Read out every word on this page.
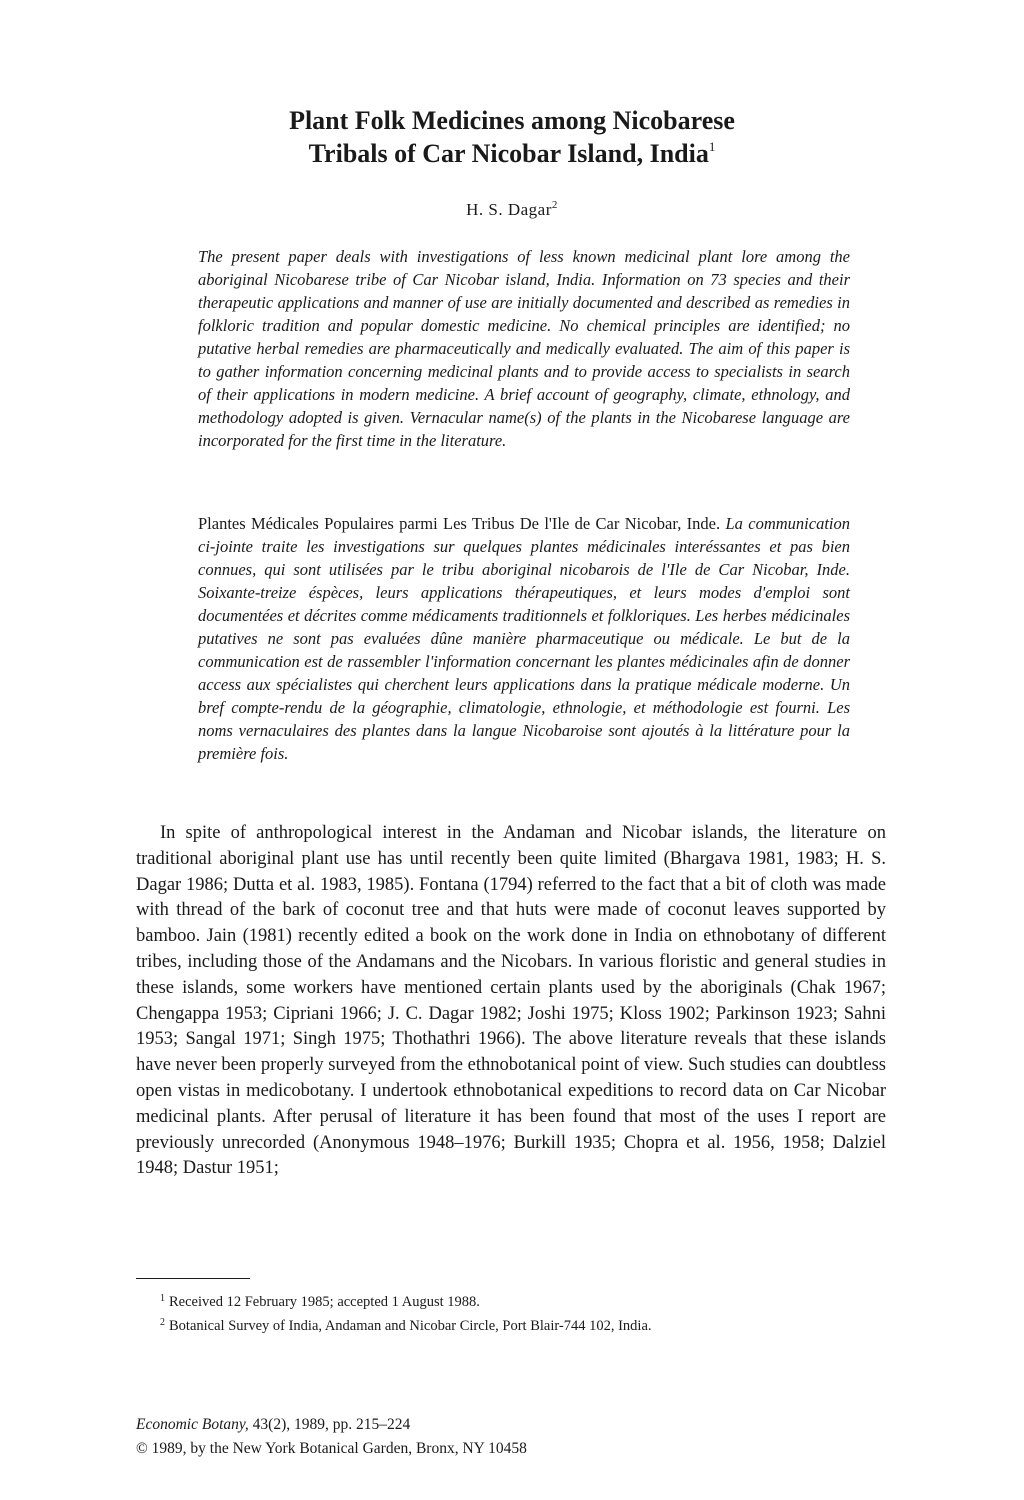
Plant Folk Medicines among Nicobarese
Tribals of Car Nicobar Island, India$^1$

H. S. Dagar$^2$

The present paper deals with investigations of less known medicinal plant lore among the aboriginal Nicobarese tribe of Car Nicobar island, India. Information on 73 species and their therapeutic applications and manner of use are initially documented and described as remedies in folkloric tradition and popular domestic medicine. No chemical principles are identified; no putative herbal remedies are pharmaceutically and medically evaluated. The aim of this paper is to gather information concerning medicinal plants and to provide access to specialists in search of their applications in modern medicine. A brief account of geography, climate, ethnology, and methodology adopted is given. Vernacular name(s) of the plants in the Nicobarese language are incorporated for the first time in the literature.

Plantes Médicales Populaires parmi Les Tribus De l'Ile de Car Nicobar, Inde. La communication ci-jointe traite les investigations sur quelques plantes médicinales interéssantes et pas bien connues, qui sont utilisées par le tribu aboriginal nicobarois de l'Ile de Car Nicobar, Inde. Soixante-treize éspèces, leurs applications thérapeutiques, et leurs modes d'emploi sont documentées et décrites comme médicaments traditionnels et folkloriques. Les herbes médicinales putatives ne sont pas evaluées dûne manière pharmaceutique ou médicale. Le but de la communication est de rassembler l'information concernant les plantes médicinales afin de donner access aux spécialistes qui cherchent leurs applications dans la pratique médicale moderne. Un bref compte-rendu de la géographie, climatologie, ethnologie, et méthodologie est fourni. Les noms vernaculaires des plantes dans la langue Nicobaroise sont ajoutés à la littérature pour la première fois.

In spite of anthropological interest in the Andaman and Nicobar islands, the literature on traditional aboriginal plant use has until recently been quite limited (Bhargava 1981, 1983; H. S. Dagar 1986; Dutta et al. 1983, 1985). Fontana (1794) referred to the fact that a bit of cloth was made with thread of the bark of coconut tree and that huts were made of coconut leaves supported by bamboo. Jain (1981) recently edited a book on the work done in India on ethnobotany of different tribes, including those of the Andamans and the Nicobars. In various floristic and general studies in these islands, some workers have mentioned certain plants used by the aboriginals (Chak 1967; Chengappa 1953; Cipriani 1966; J. C. Dagar 1982; Joshi 1975; Kloss 1902; Parkinson 1923; Sahni 1953; Sangal 1971; Singh 1975; Thothathri 1966). The above literature reveals that these islands have never been properly surveyed from the ethnobotanical point of view. Such studies can doubtless open vistas in medicobotany. I undertook ethnobotanical expeditions to record data on Car Nicobar medicinal plants. After perusal of literature it has been found that most of the uses I report are previously unrecorded (Anonymous 1948–1976; Burkill 1935; Chopra et al. 1956, 1958; Dalziel 1948; Dastur 1951;

$^1$ Received 12 February 1985; accepted 1 August 1988.
$^2$ Botanical Survey of India, Andaman and Nicobar Circle, Port Blair-744 102, India.
Economic Botany, 43(2), 1989, pp. 215–224
© 1989, by the New York Botanical Garden, Bronx, NY 10458
